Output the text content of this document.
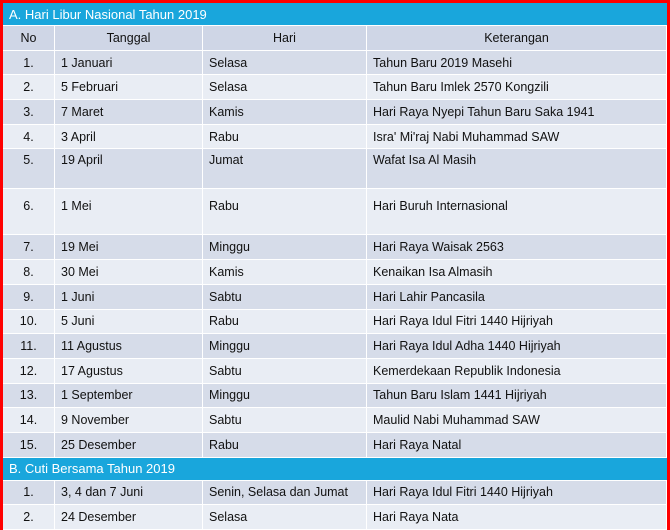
A. Hari Libur Nasional Tahun 2019			
No	Tanggal	Hari	Keterangan
1.	1 Januari	Selasa	Tahun Baru 2019 Masehi
2.	5 Februari	Selasa	Tahun Baru Imlek 2570 Kongzili
3.	7 Maret	Kamis	Hari Raya Nyepi Tahun Baru Saka 1941
4.	3 April	Rabu	Isra' Mi'raj Nabi Muhammad SAW
5.	19 April	Jumat	Wafat Isa Al Masih
6.	1 Mei	Rabu	Hari Buruh Internasional
7.	19 Mei	Minggu	Hari Raya Waisak 2563
8.	30 Mei	Kamis	Kenaikan Isa Almasih
9.	1 Juni	Sabtu	Hari Lahir Pancasila
10.	5 Juni	Rabu	Hari Raya Idul Fitri 1440 Hijriyah
11.	11 Agustus	Minggu	Hari Raya Idul Adha 1440 Hijriyah
12.	17 Agustus	Sabtu	Kemerdekaan Republik Indonesia
13.	1 September	Minggu	Tahun Baru Islam 1441 Hijriyah
14.	9 November	Sabtu	Maulid Nabi Muhammad SAW
15.	25 Desember	Rabu	Hari Raya Natal
B. Cuti Bersama Tahun 2019			
1.	3, 4 dan 7 Juni	Senin, Selasa dan Jumat	Hari Raya Idul Fitri 1440 Hijriyah
2.	24 Desember	Selasa	Hari Raya Nata
